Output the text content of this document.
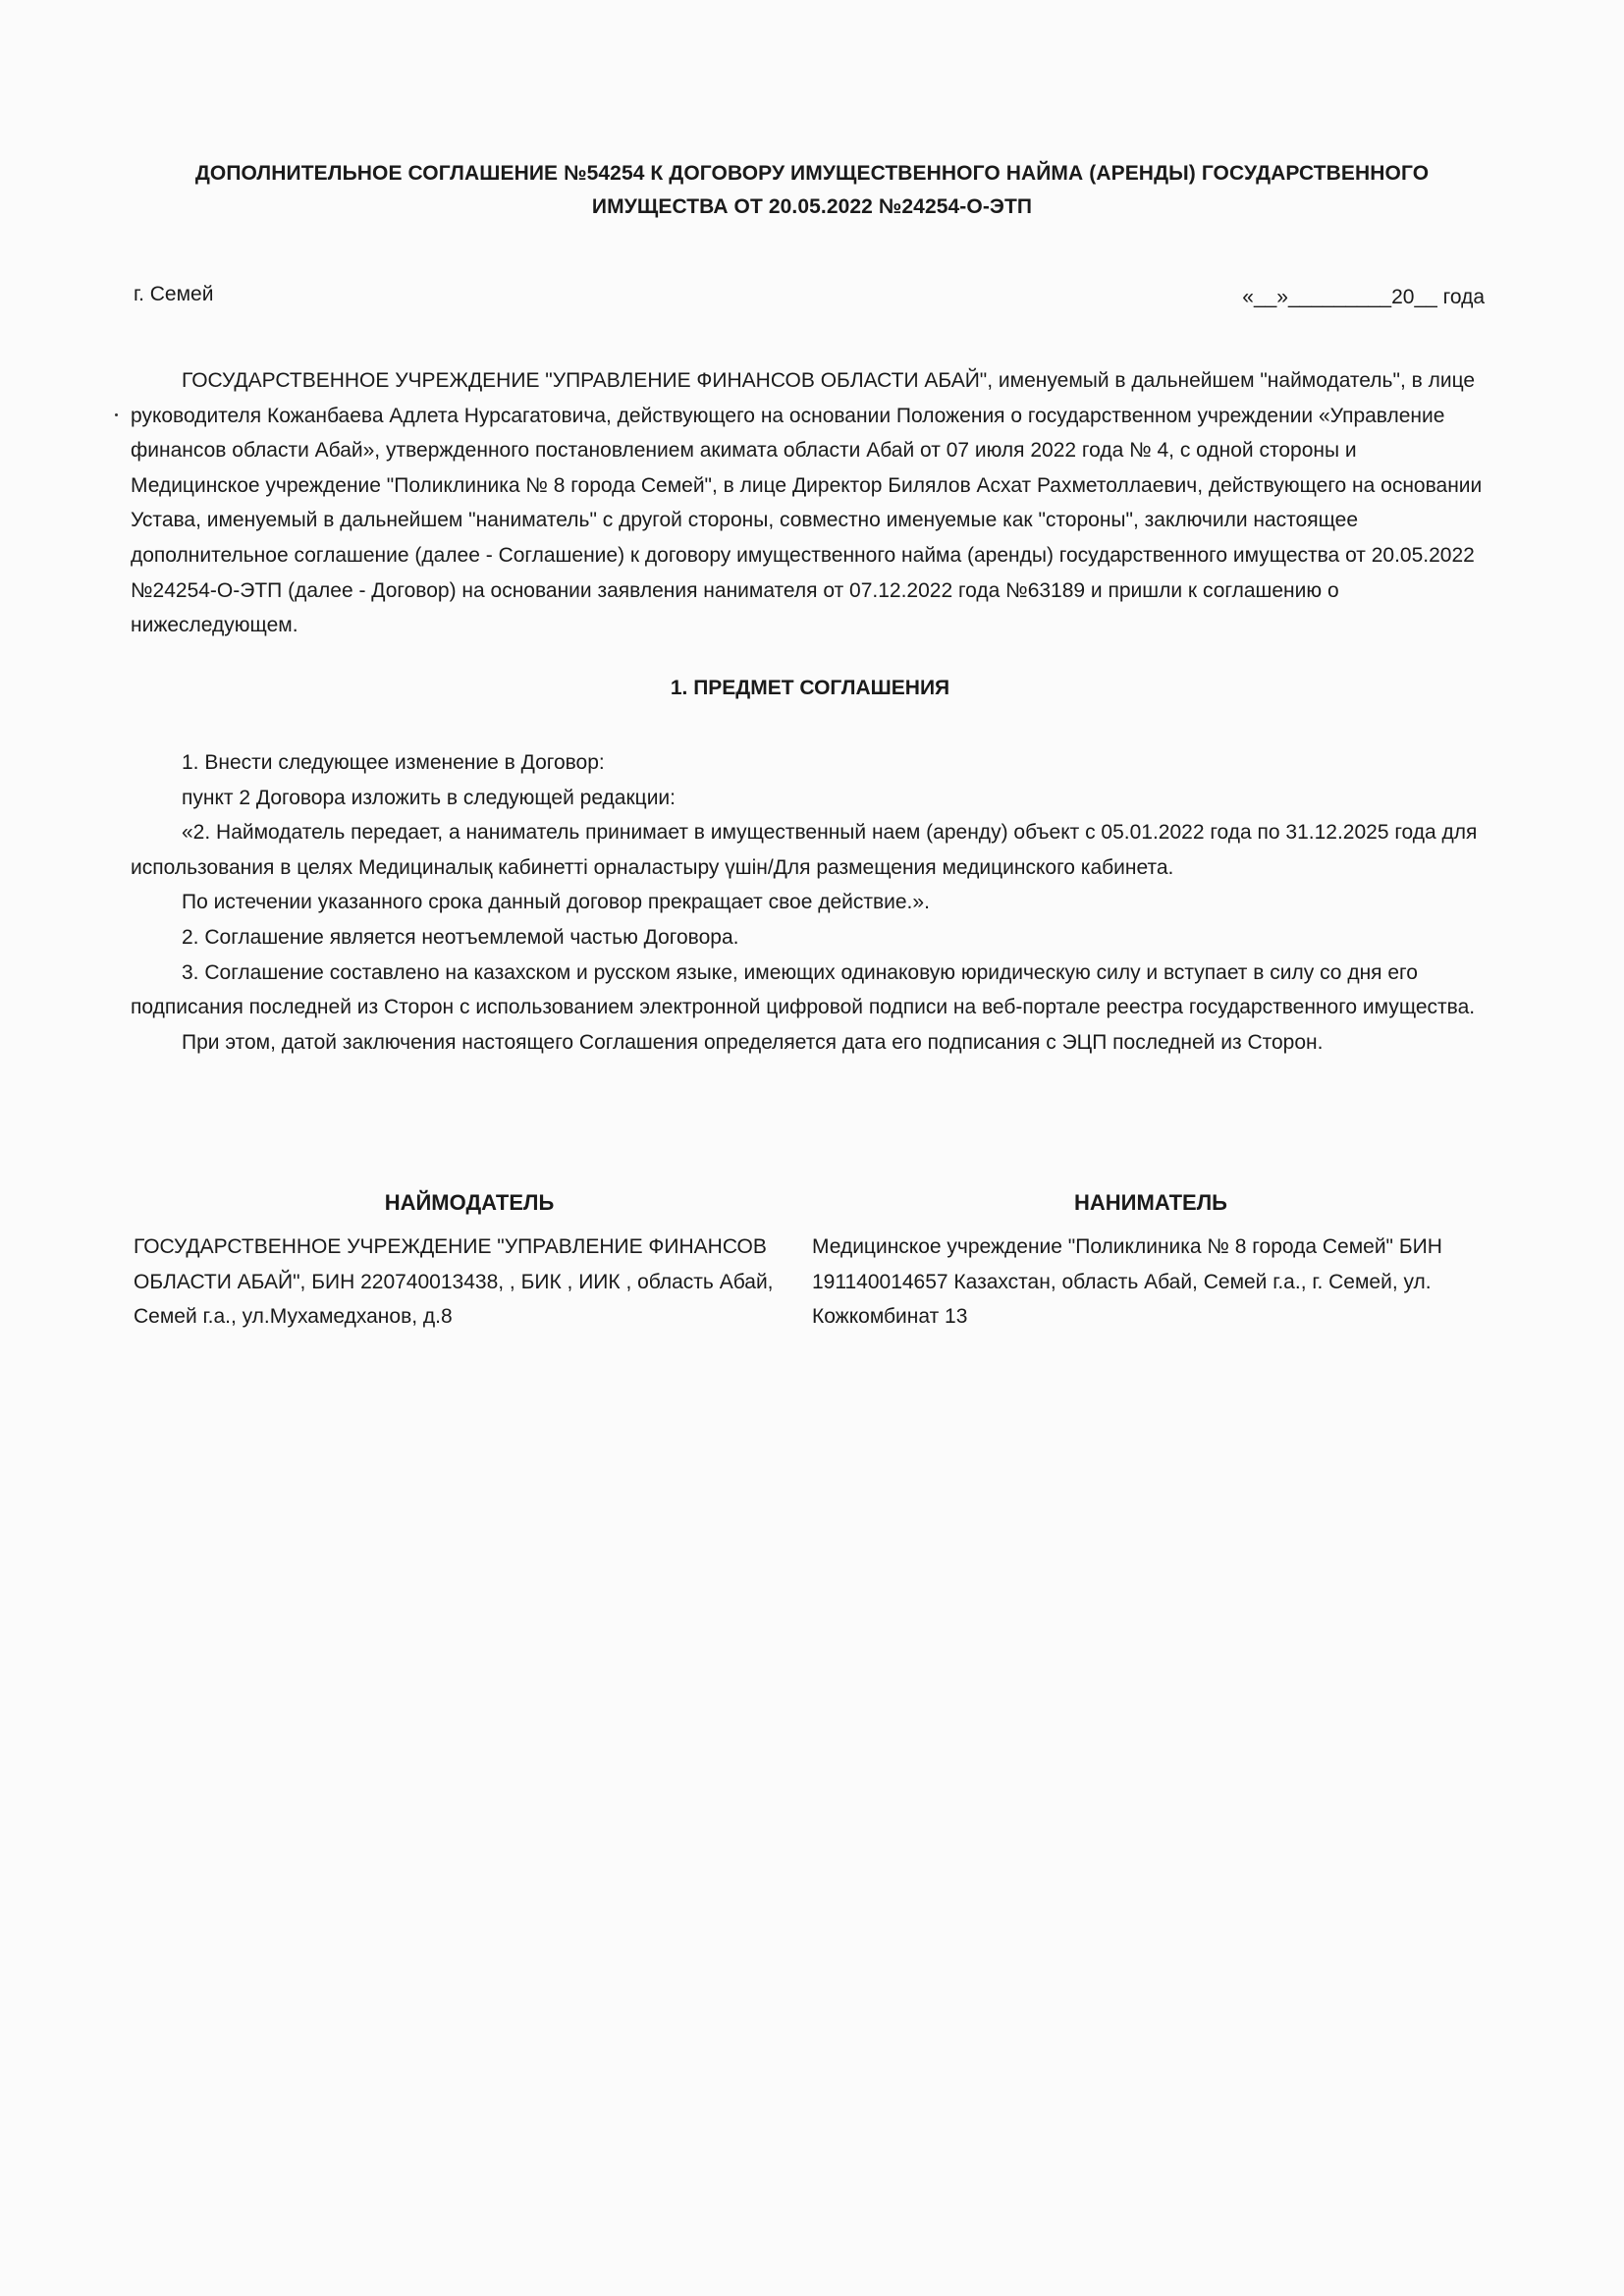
ДОПОЛНИТЕЛЬНОЕ СОГЛАШЕНИЕ №54254 К ДОГОВОРУ ИМУЩЕСТВЕННОГО НАЙМА (АРЕНДЫ) ГОСУДАРСТВЕННОГО ИМУЩЕСТВА ОТ 20.05.2022 №24254-О-ЭТП
г. Семей	«__»_________20__ года
ГОСУДАРСТВЕННОЕ УЧРЕЖДЕНИЕ "УПРАВЛЕНИЕ ФИНАНСОВ ОБЛАСТИ АБАЙ", именуемый в дальнейшем "наймодатель", в лице руководителя Кожанбаева Адлета Нурсагатовича, действующего на основании Положения о государственном учреждении «Управление финансов области Абай», утвержденного постановлением акимата области Абай от 07 июля 2022 года № 4, с одной стороны и Медицинское учреждение "Поликлиника № 8 города Семей", в лице Директор Билялов Асхат Рахметоллаевич, действующего на основании Устава, именуемый в дальнейшем "наниматель" с другой стороны, совместно именуемые как "стороны", заключили настоящее дополнительное соглашение (далее - Соглашение) к договору имущественного найма (аренды) государственного имущества от 20.05.2022 №24254-О-ЭТП (далее - Договор) на основании заявления нанимателя от 07.12.2022 года №63189 и пришли к соглашению о нижеследующем.
1. ПРЕДМЕТ СОГЛАШЕНИЯ

1. Внести следующее изменение в Договор:

пункт 2 Договора изложить в следующей редакции:

«2. Наймодатель передает, а наниматель принимает в имущественный наем (аренду) объект с 05.01.2022 года по 31.12.2025 года для использования в целях Медициналық кабинетті орналастыру үшін/Для размещения медицинского кабинета.

По истечении указанного срока данный договор прекращает свое действие.».

2. Соглашение является неотъемлемой частью Договора.

3. Соглашение составлено на казахском и русском языке, имеющих одинаковую юридическую силу и вступает в силу со дня его подписания последней из Сторон с использованием электронной цифровой подписи на веб-портале реестра государственного имущества.

При этом, датой заключения настоящего Соглашения определяется дата его подписания с ЭЦП последней из Сторон.

НАЙМОДАТЕЛЬ	НАНИМАТЕЛЬ
ГОСУДАРСТВЕННОЕ УЧРЕЖДЕНИЕ "УПРАВЛЕНИЕ ФИНАНСОВ ОБЛАСТИ АБАЙ", БИН 220740013438, , БИК , ИИК , область Абай, Семей г.а., ул.Мухамедханов, д.8
Медицинское учреждение "Поликлиника № 8 города Семей" БИН 191140014657 Казахстан, область Абай, Семей г.а., г. Семей, ул. Кожкомбинат 13
